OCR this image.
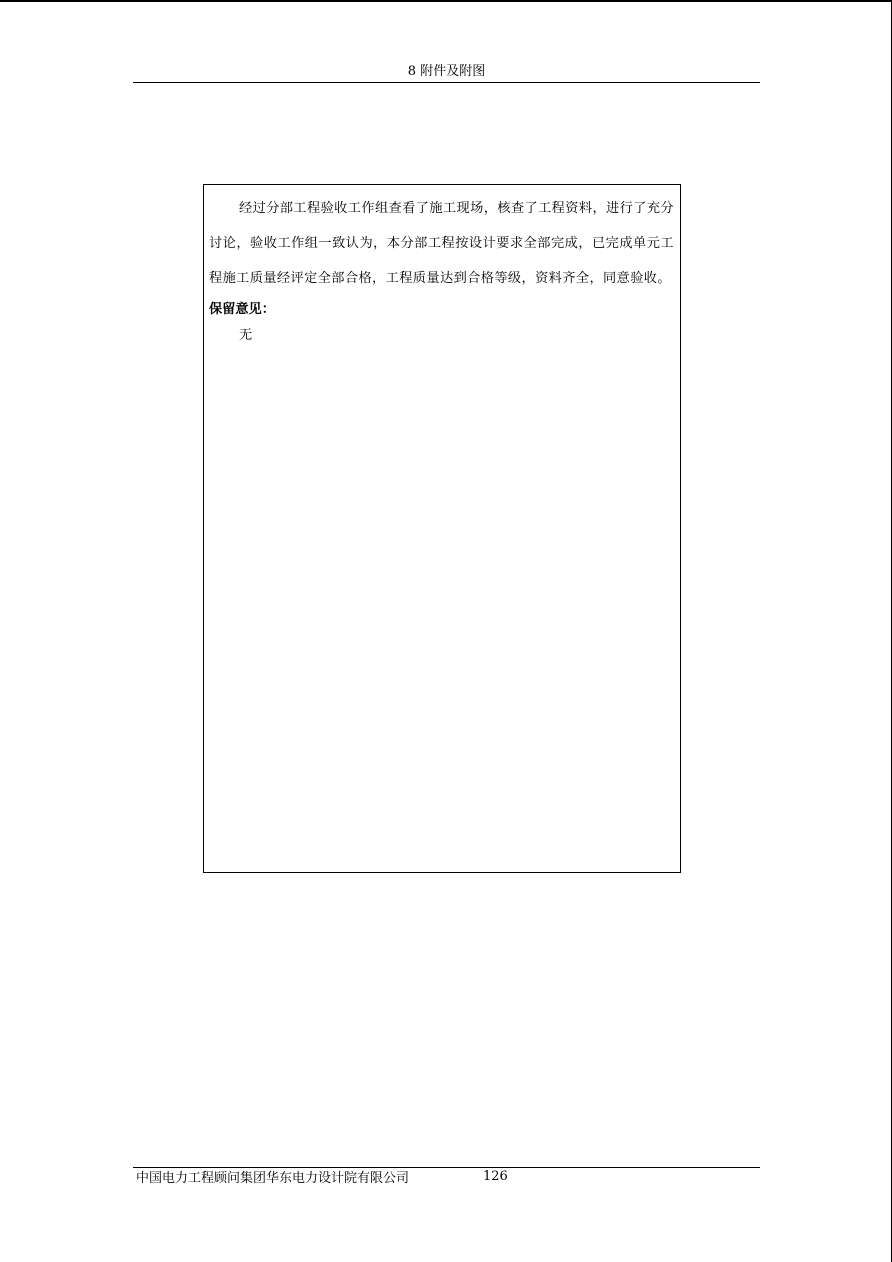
8 附件及附图

经过分部工程验收工作组查看了施工现场，核查了工程资料，进行了充分讨论，验收工作组一致认为，本分部工程按设计要求全部完成，已完成单元工程施工质量经评定全部合格，工程质量达到合格等级，资料齐全，同意验收。

保留意见：

无

中国电力工程顾问集团华东电力设计院有限公司	126
